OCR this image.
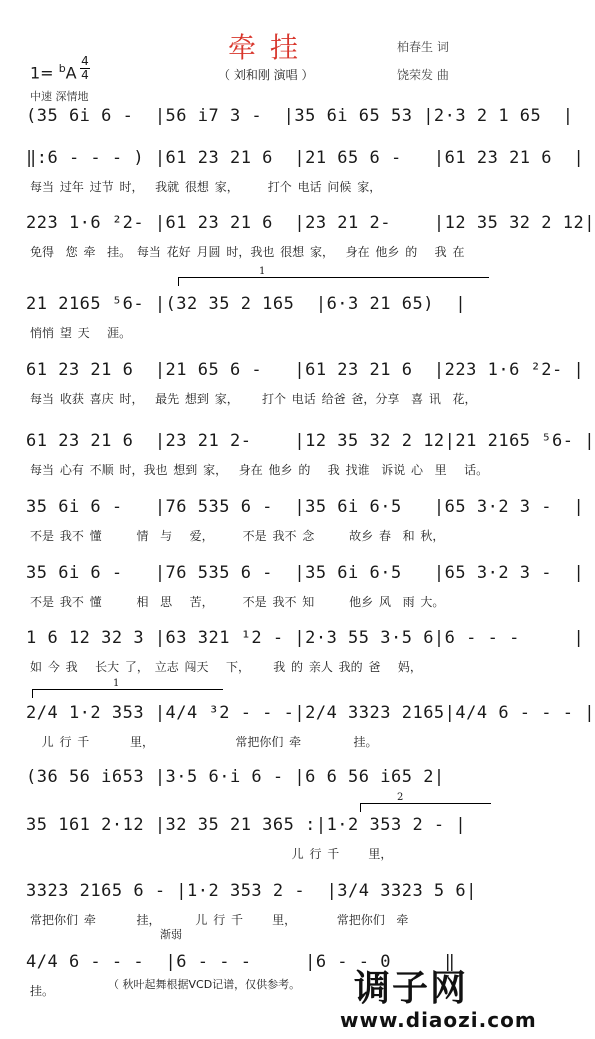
牵挂	柏春生 词
（ 刘和刚 演唱 ）	饶荣发 曲
1= $^b$A
4
4
中速 深情地
(35 6i 6 -  |56 i7 3 -  |35 6i 65 53 |2·3 2 1 65  |
‖:6 - - - ) |61 23 21 6  |21 65 6 -   |61 23 21 6  |
每当 过年 过节 时，  我就 很想 家，     打个 电话 问候 家，
223 1·6 ²2- |61 23 21 6  |23 21 2-    |12 35 32 2 12|
免得  您 牵  挂。 每当 花好 月圆 时，我也 很想 家，  身在 他乡 的   我 在
21 2165 ⁵6- |(32 35 2 165  |6·3 21 65)  |
悄悄 望 天   涯。
61 23 21 6  |21 65 6 -   |61 23 21 6  |223 1·6 ²2- |
每当 收获 喜庆 时，  最先 想到 家，    打个 电话 给爸 爸，分享  喜 讯  花，
61 23 21 6  |23 21 2-    |12 35 32 2 12|21 2165 ⁵6- |
每当 心有 不顺 时，我也 想到 家，  身在 他乡 的   我 找谁  诉说 心  里   话。
35 6i 6 -   |76 535 6 -  |35 6i 6·5   |65 3·2 3 -  |
不是 我不 懂      情  与   爱，     不是 我不 念      故乡 春  和 秋，
35 6i 6 -   |76 535 6 -  |35 6i 6·5   |65 3·2 3 -  |
不是 我不 懂      相  思   苦，     不是 我不 知      他乡 风  雨 大。
1 6 12 32 3 |63 321 ¹2 - |2·3 55 3·5 6|6 - - -     |
如 今 我   长大 了， 立志 闯天   下，    我 的 亲人 我的 爸   妈，
2/4 1·2 353 |4/4 ³2 - - -|2/4 3323 2165|4/4 6 - - - |
儿 行 千       里，              常把你们 牵         挂。
(36 56 i653 |3·5 6·i 6 - |6 6 56 i65 2|
35 161 2·12 |32 35 21 365 :|1·2 353 2 - |
儿 行 千     里，
3323 2165 6 - |1·2 353 2 -  |3/4 3323 5 6|
常把你们 牵       挂，      儿 行 千     里，       常把你们  牵
4/4 6 - - -  |6 - - -     |6 - - 0     ‖
挂。
1
1
2
渐弱
（ 秋叶起舞根据VCD记谱，仅供参考。 调子网
www.diaozi.com
